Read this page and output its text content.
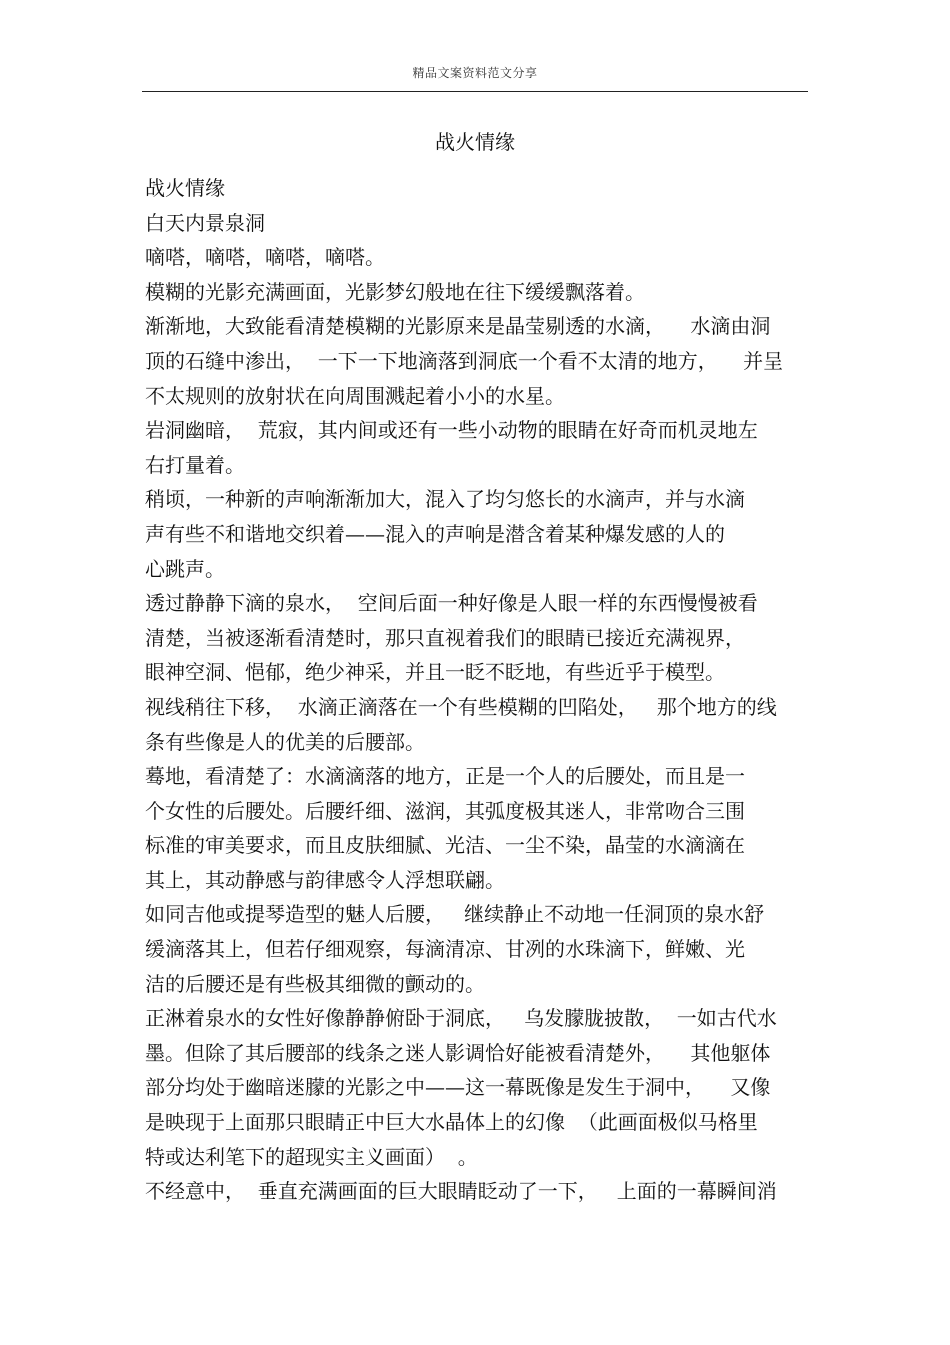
精品文案资料范文分享
战火情缘
战火情缘
白天内景泉洞
嘀嗒，嘀嗒，嘀嗒，嘀嗒。
模糊的光影充满画面，光影梦幻般地在往下缓缓飘落着。
渐渐地，大致能看清楚模糊的光影原来是晶莹剔透的水滴，    水滴由洞
顶的石缝中渗出，  一下一下地滴落到洞底一个看不太清的地方，    并呈
不太规则的放射状在向周围溅起着小小的水星。
岩洞幽暗，  荒寂，其内间或还有一些小动物的眼睛在好奇而机灵地左
右打量着。
稍顷，一种新的声响渐渐加大，混入了均匀悠长的水滴声，并与水滴
声有些不和谐地交织着——混入的声响是潜含着某种爆发感的人的
心跳声。
透过静静下滴的泉水，  空间后面一种好像是人眼一样的东西慢慢被看
清楚，当被逐渐看清楚时，那只直视着我们的眼睛已接近充满视界，
眼神空洞、悒郁，绝少神采，并且一眨不眨地，有些近乎于模型。
视线稍往下移，  水滴正滴落在一个有些模糊的凹陷处，   那个地方的线
条有些像是人的优美的后腰部。
蓦地，看清楚了：水滴滴落的地方，正是一个人的后腰处，而且是一
个女性的后腰处。后腰纤细、滋润，其弧度极其迷人，非常吻合三围
标准的审美要求，而且皮肤细腻、光洁、一尘不染，晶莹的水滴滴在
其上，其动静感与韵律感令人浮想联翩。
如同吉他或提琴造型的魅人后腰，   继续静止不动地一任洞顶的泉水舒
缓滴落其上，但若仔细观察，每滴清凉、甘冽的水珠滴下，鲜嫩、光
洁的后腰还是有些极其细微的颤动的。
正淋着泉水的女性好像静静俯卧于洞底，   乌发朦胧披散，  一如古代水
墨。但除了其后腰部的线条之迷人影调恰好能被看清楚外，    其他躯体
部分均处于幽暗迷朦的光影之中——这一幕既像是发生于洞中，    又像
是映现于上面那只眼睛正中巨大水晶体上的幻像  （此画面极似马格里
特或达利笔下的超现实主义画面）  。
不经意中，  垂直充满画面的巨大眼睛眨动了一下，   上面的一幕瞬间消
